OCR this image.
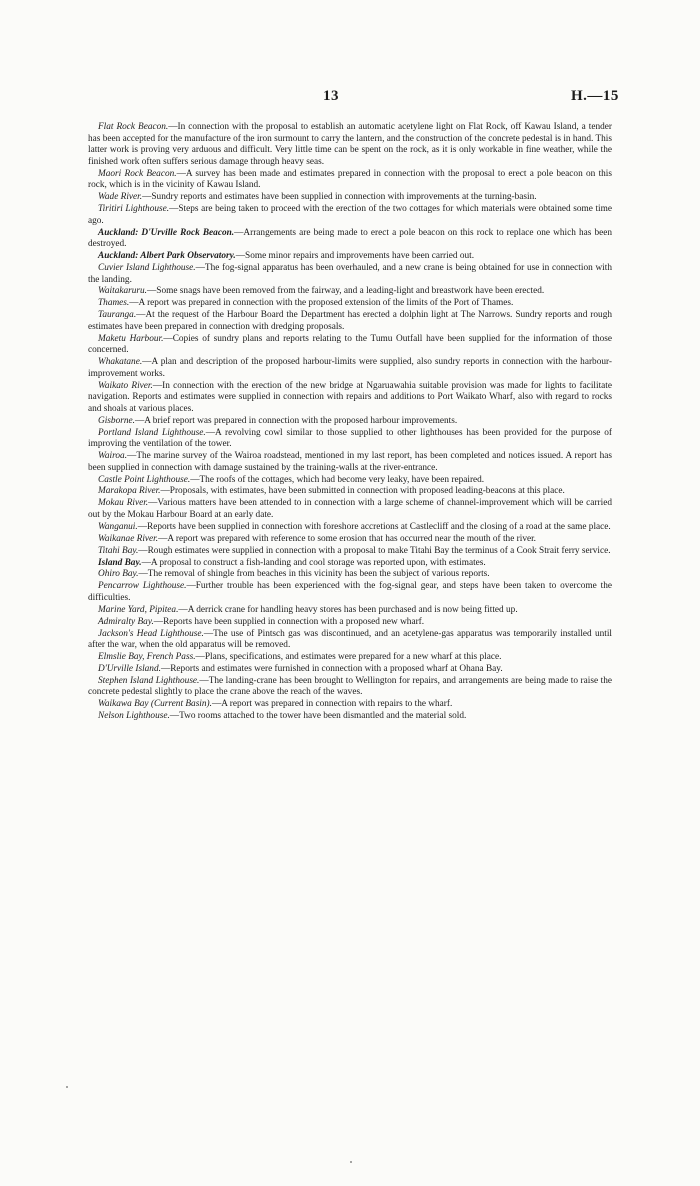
13	H.—15

Flat Rock Beacon.—In connection with the proposal to establish an automatic acetylene light on Flat Rock, off Kawau Island, a tender has been accepted for the manufacture of the iron surmount to carry the lantern, and the construction of the concrete pedestal is in hand. This latter work is proving very arduous and difficult. Very little time can be spent on the rock, as it is only workable in fine weather, while the finished work often suffers serious damage through heavy seas.

Maori Rock Beacon.—A survey has been made and estimates prepared in connection with the proposal to erect a pole beacon on this rock, which is in the vicinity of Kawau Island.

Wade River.—Sundry reports and estimates have been supplied in connection with improvements at the turning-basin.

Tiritiri Lighthouse.—Steps are being taken to proceed with the erection of the two cottages for which materials were obtained some time ago.

Auckland: D'Urville Rock Beacon.—Arrangements are being made to erect a pole beacon on this rock to replace one which has been destroyed.

Auckland: Albert Park Observatory.—Some minor repairs and improvements have been carried out.

Cuvier Island Lighthouse.—The fog-signal apparatus has been overhauled, and a new crane is being obtained for use in connection with the landing.

Waitakaruru.—Some snags have been removed from the fairway, and a leading-light and breastwork have been erected.

Thames.—A report was prepared in connection with the proposed extension of the limits of the Port of Thames.

Tauranga.—At the request of the Harbour Board the Department has erected a dolphin light at The Narrows. Sundry reports and rough estimates have been prepared in connection with dredging proposals.

Maketu Harbour.—Copies of sundry plans and reports relating to the Tumu Outfall have been supplied for the information of those concerned.

Whakatane.—A plan and description of the proposed harbour-limits were supplied, also sundry reports in connection with the harbour-improvement works.

Waikato River.—In connection with the erection of the new bridge at Ngaruawahia suitable provision was made for lights to facilitate navigation. Reports and estimates were supplied in connection with repairs and additions to Port Waikato Wharf, also with regard to rocks and shoals at various places.

Gisborne.—A brief report was prepared in connection with the proposed harbour improvements.

Portland Island Lighthouse.—A revolving cowl similar to those supplied to other lighthouses has been provided for the purpose of improving the ventilation of the tower.

Wairoa.—The marine survey of the Wairoa roadstead, mentioned in my last report, has been completed and notices issued. A report has been supplied in connection with damage sustained by the training-walls at the river-entrance.

Castle Point Lighthouse.—The roofs of the cottages, which had become very leaky, have been repaired.

Marakopa River.—Proposals, with estimates, have been submitted in connection with proposed leading-beacons at this place.

Mokau River.—Various matters have been attended to in connection with a large scheme of channel-improvement which will be carried out by the Mokau Harbour Board at an early date.

Wanganui.—Reports have been supplied in connection with foreshore accretions at Castlecliff and the closing of a road at the same place.

Waikanae River.—A report was prepared with reference to some erosion that has occurred near the mouth of the river.

Titahi Bay.—Rough estimates were supplied in connection with a proposal to make Titahi Bay the terminus of a Cook Strait ferry service.

Island Bay.—A proposal to construct a fish-landing and cool storage was reported upon, with estimates.

Ohiro Bay.—The removal of shingle from beaches in this vicinity has been the subject of various reports.

Pencarrow Lighthouse.—Further trouble has been experienced with the fog-signal gear, and steps have been taken to overcome the difficulties.

Marine Yard, Pipitea.—A derrick crane for handling heavy stores has been purchased and is now being fitted up.

Admiralty Bay.—Reports have been supplied in connection with a proposed new wharf.

Jackson's Head Lighthouse.—The use of Pintsch gas was discontinued, and an acetylene-gas apparatus was temporarily installed until after the war, when the old apparatus will be removed.

Elmslie Bay, French Pass.—Plans, specifications, and estimates were prepared for a new wharf at this place.

D'Urville Island.—Reports and estimates were furnished in connection with a proposed wharf at Ohana Bay.

Stephen Island Lighthouse.—The landing-crane has been brought to Wellington for repairs, and arrangements are being made to raise the concrete pedestal slightly to place the crane above the reach of the waves.

Waikawa Bay (Current Basin).—A report was prepared in connection with repairs to the wharf.

Nelson Lighthouse.—Two rooms attached to the tower have been dismantled and the material sold.
